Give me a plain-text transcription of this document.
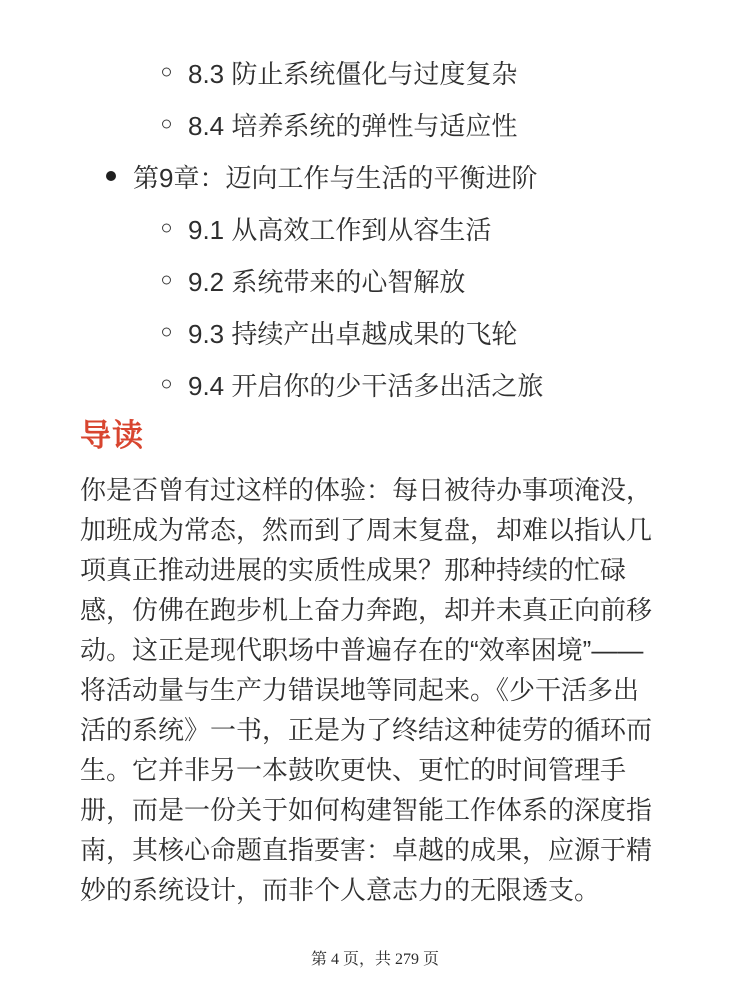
8.3 防止系统僵化与过度复杂
8.4 培养系统的弹性与适应性
第9章：迈向工作与生活的平衡进阶
9.1 从高效工作到从容生活
9.2 系统带来的心智解放
9.3 持续产出卓越成果的飞轮
9.4 开启你的少干活多出活之旅
导读

你是否曾有过这样的体验：每日被待办事项淹没，加班成为常态，然而到了周末复盘，却难以指认几项真正推动进展的实质性成果？那种持续的忙碌感，仿佛在跑步机上奋力奔跑，却并未真正向前移动。这正是现代职场中普遍存在的“效率困境”——将活动量与生产力错误地等同起来。《少干活多出活的系统》一书，正是为了终结这种徒劳的循环而生。它并非另一本鼓吹更快、更忙的时间管理手册，而是一份关于如何构建智能工作体系的深度指南，其核心命题直指要害：卓越的成果，应源于精妙的系统设计，而非个人意志力的无限透支。

第 4 页，共 279 页
